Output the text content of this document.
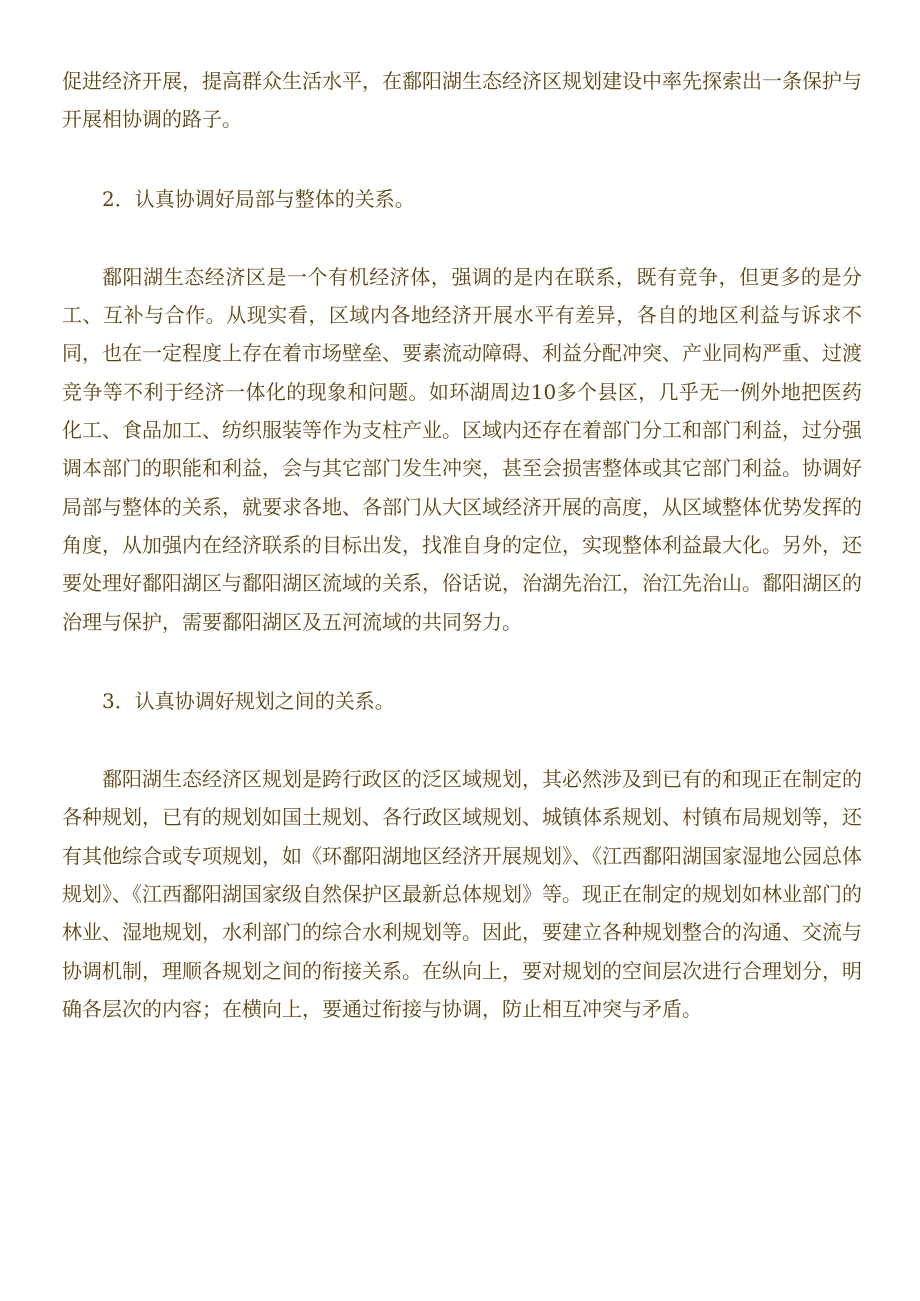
促进经济开展，提高群众生活水平，在鄱阳湖生态经济区规划建设中率先探索出一条保护与开展相协调的路子。

2．认真协调好局部与整体的关系。

鄱阳湖生态经济区是一个有机经济体，强调的是内在联系，既有竞争，但更多的是分工、互补与合作。从现实看，区域内各地经济开展水平有差异，各自的地区利益与诉求不同，也在一定程度上存在着市场壁垒、要素流动障碍、利益分配冲突、产业同构严重、过渡竞争等不利于经济一体化的现象和问题。如环湖周边10多个县区，几乎无一例外地把医药化工、食品加工、纺织服装等作为支柱产业。区域内还存在着部门分工和部门利益，过分强调本部门的职能和利益，会与其它部门发生冲突，甚至会损害整体或其它部门利益。协调好局部与整体的关系，就要求各地、各部门从大区域经济开展的高度，从区域整体优势发挥的角度，从加强内在经济联系的目标出发，找准自身的定位，实现整体利益最大化。另外，还要处理好鄱阳湖区与鄱阳湖区流域的关系，俗话说，治湖先治江，治江先治山。鄱阳湖区的治理与保护，需要鄱阳湖区及五河流域的共同努力。

3．认真协调好规划之间的关系。

鄱阳湖生态经济区规划是跨行政区的泛区域规划，其必然涉及到已有的和现正在制定的各种规划，已有的规划如国土规划、各行政区域规划、城镇体系规划、村镇布局规划等，还有其他综合或专项规划，如《环鄱阳湖地区经济开展规划》、《江西鄱阳湖国家湿地公园总体规划》、《江西鄱阳湖国家级自然保护区最新总体规划》等。现正在制定的规划如林业部门的林业、湿地规划，水利部门的综合水利规划等。因此，要建立各种规划整合的沟通、交流与协调机制，理顺各规划之间的衔接关系。在纵向上，要对规划的空间层次进行合理划分，明确各层次的内容；在横向上，要通过衔接与协调，防止相互冲突与矛盾。
